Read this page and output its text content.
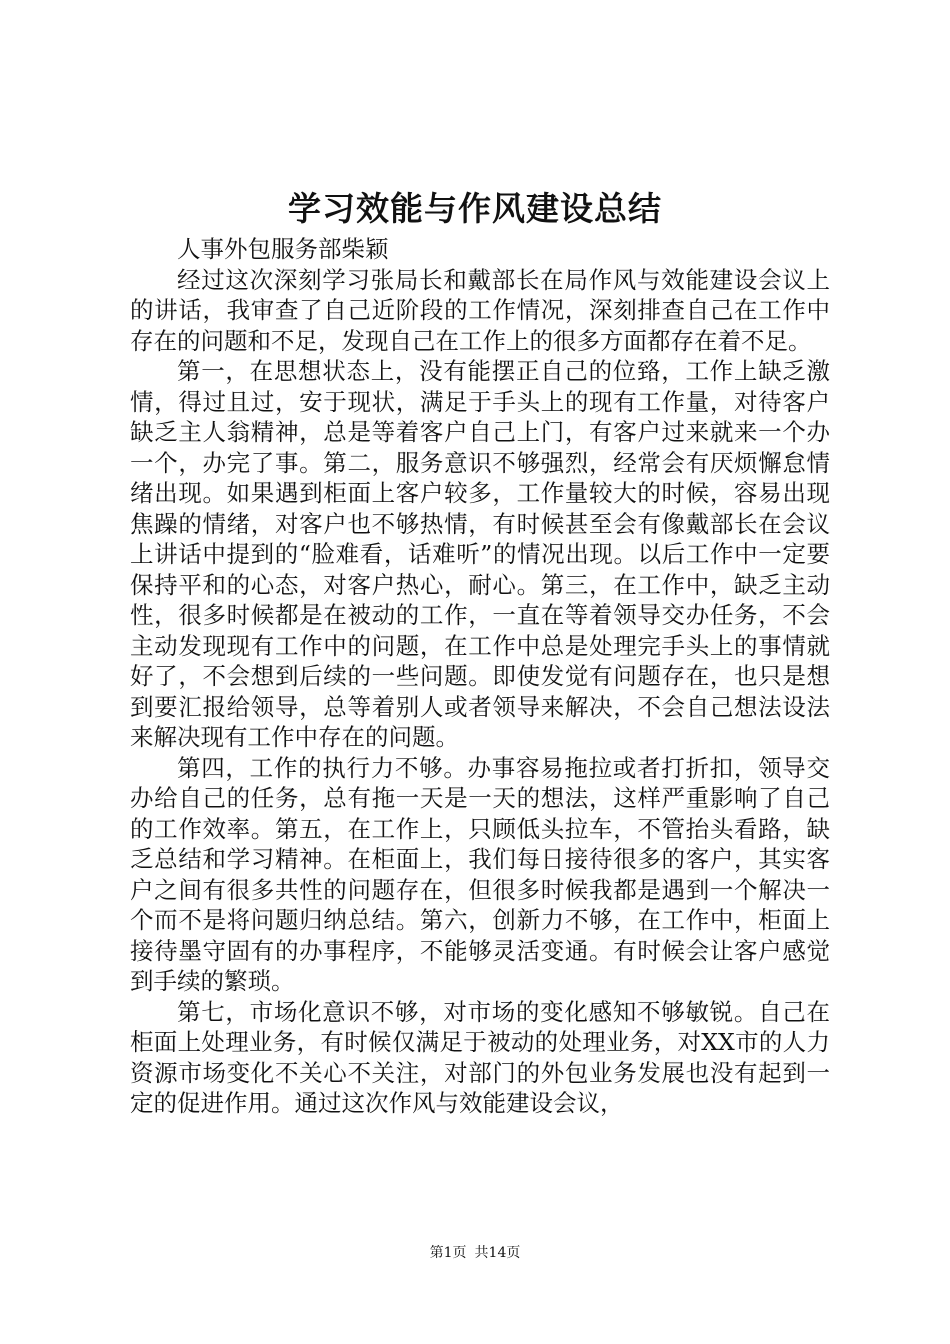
学习效能与作风建设总结

人事外包服务部柴颖

经过这次深刻学习张局长和戴部长在局作风与效能建设会议上的讲话，我审查了自己近阶段的工作情况，深刻排查自己在工作中存在的问题和不足，发现自己在工作上的很多方面都存在着不足。

第一，在思想状态上，没有能摆正自己的位臵，工作上缺乏激情，得过且过，安于现状，满足于手头上的现有工作量，对待客户缺乏主人翁精神，总是等着客户自己上门，有客户过来就来一个办一个，办完了事。第二，服务意识不够强烈，经常会有厌烦懈怠情绪出现。如果遇到柜面上客户较多，工作量较大的时候，容易出现焦躁的情绪，对客户也不够热情，有时候甚至会有像戴部长在会议上讲话中提到的“脸难看，话难听”的情况出现。以后工作中一定要保持平和的心态，对客户热心，耐心。第三，在工作中，缺乏主动性，很多时候都是在被动的工作，一直在等着领导交办任务，不会主动发现现有工作中的问题，在工作中总是处理完手头上的事情就好了，不会想到后续的一些问题。即使发觉有问题存在，也只是想到要汇报给领导，总等着别人或者领导来解决，不会自己想法设法来解决现有工作中存在的问题。

第四，工作的执行力不够。办事容易拖拉或者打折扣，领导交办给自己的任务，总有拖一天是一天的想法，这样严重影响了自己的工作效率。第五，在工作上，只顾低头拉车，不管抬头看路，缺乏总结和学习精神。在柜面上，我们每日接待很多的客户，其实客户之间有很多共性的问题存在，但很多时候我都是遇到一个解决一个而不是将问题归纳总结。第六，创新力不够，在工作中，柜面上接待墨守固有的办事程序，不能够灵活变通。有时候会让客户感觉到手续的繁琐。

第七，市场化意识不够，对市场的变化感知不够敏锐。自己在柜面上处理业务，有时候仅满足于被动的处理业务，对XX市的人力资源市场变化不关心不关注，对部门的外包业务发展也没有起到一定的促进作用。通过这次作风与效能建设会议，

第1页 共14页
